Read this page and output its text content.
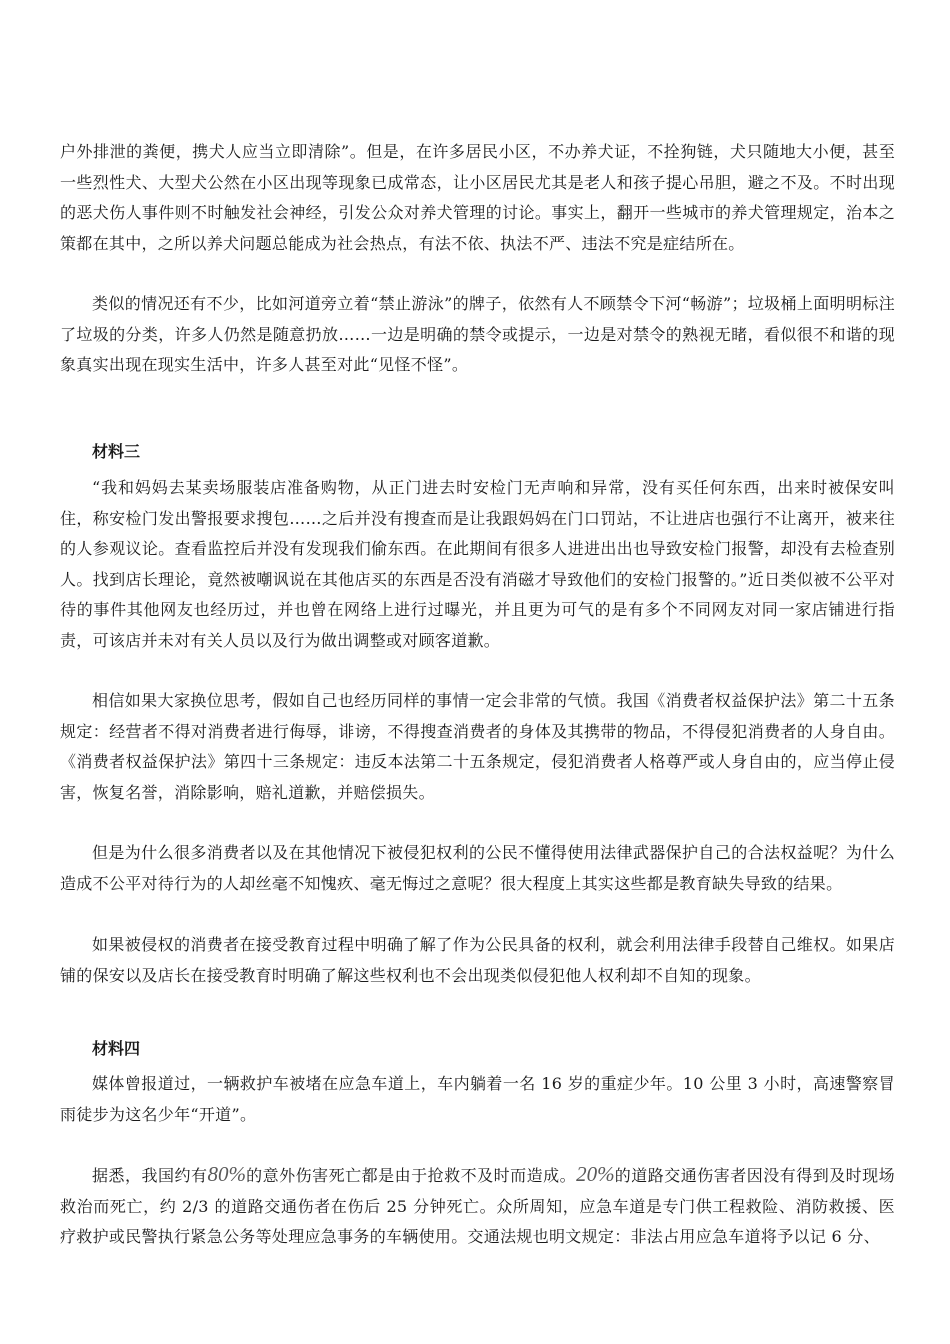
户外排泄的粪便，携犬人应当立即清除”。但是，在许多居民小区，不办养犬证，不拴狗链，犬只随地大小便，甚至一些烈性犬、大型犬公然在小区出现等现象已成常态，让小区居民尤其是老人和孩子提心吊胆，避之不及。不时出现的恶犬伤人事件则不时触发社会神经，引发公众对养犬管理的讨论。事实上，翻开一些城市的养犬管理规定，治本之策都在其中，之所以养犬问题总能成为社会热点，有法不依、执法不严、违法不究是症结所在。

类似的情况还有不少，比如河道旁立着“禁止游泳”的牌子，依然有人不顾禁令下河“畅游”；垃圾桶上面明明标注了垃圾的分类，许多人仍然是随意扔放……一边是明确的禁令或提示，一边是对禁令的熟视无睹，看似很不和谐的现象真实出现在现实生活中，许多人甚至对此“见怪不怪”。

材料三

“我和妈妈去某卖场服装店准备购物，从正门进去时安检门无声响和异常，没有买任何东西，出来时被保安叫住，称安检门发出警报要求搜包……之后并没有搜查而是让我跟妈妈在门口罚站，不让进店也强行不让离开，被来往的人参观议论。查看监控后并没有发现我们偷东西。在此期间有很多人进进出出也导致安检门报警，却没有去检查别人。找到店长理论，竟然被嘲讽说在其他店买的东西是否没有消磁才导致他们的安检门报警的。”近日类似被不公平对待的事件其他网友也经历过，并也曾在网络上进行过曝光，并且更为可气的是有多个不同网友对同一家店铺进行指责，可该店并未对有关人员以及行为做出调整或对顾客道歉。

相信如果大家换位思考，假如自己也经历同样的事情一定会非常的气愤。我国《消费者权益保护法》第二十五条规定：经营者不得对消费者进行侮辱，诽谤，不得搜查消费者的身体及其携带的物品，不得侵犯消费者的人身自由。《消费者权益保护法》第四十三条规定：违反本法第二十五条规定，侵犯消费者人格尊严或人身自由的，应当停止侵害，恢复名誉，消除影响，赔礼道歉，并赔偿损失。

但是为什么很多消费者以及在其他情况下被侵犯权利的公民不懂得使用法律武器保护自己的合法权益呢？为什么造成不公平对待行为的人却丝毫不知愧疚、毫无悔过之意呢？很大程度上其实这些都是教育缺失导致的结果。

如果被侵权的消费者在接受教育过程中明确了解了作为公民具备的权利，就会利用法律手段替自己维权。如果店铺的保安以及店长在接受教育时明确了解这些权利也不会出现类似侵犯他人权利却不自知的现象。

材料四

媒体曾报道过，一辆救护车被堵在应急车道上，车内躺着一名 16 岁的重症少年。10 公里 3 小时，高速警察冒雨徒步为这名少年“开道”。

据悉，我国约有80%的意外伤害死亡都是由于抢救不及时而造成。20%的道路交通伤害者因没有得到及时现场救治而死亡，约 2/3 的道路交通伤者在伤后 25 分钟死亡。众所周知，应急车道是专门供工程救险、消防救援、医疗救护或民警执行紧急公务等处理应急事务的车辆使用。交通法规也明文规定：非法占用应急车道将予以记 6 分、
